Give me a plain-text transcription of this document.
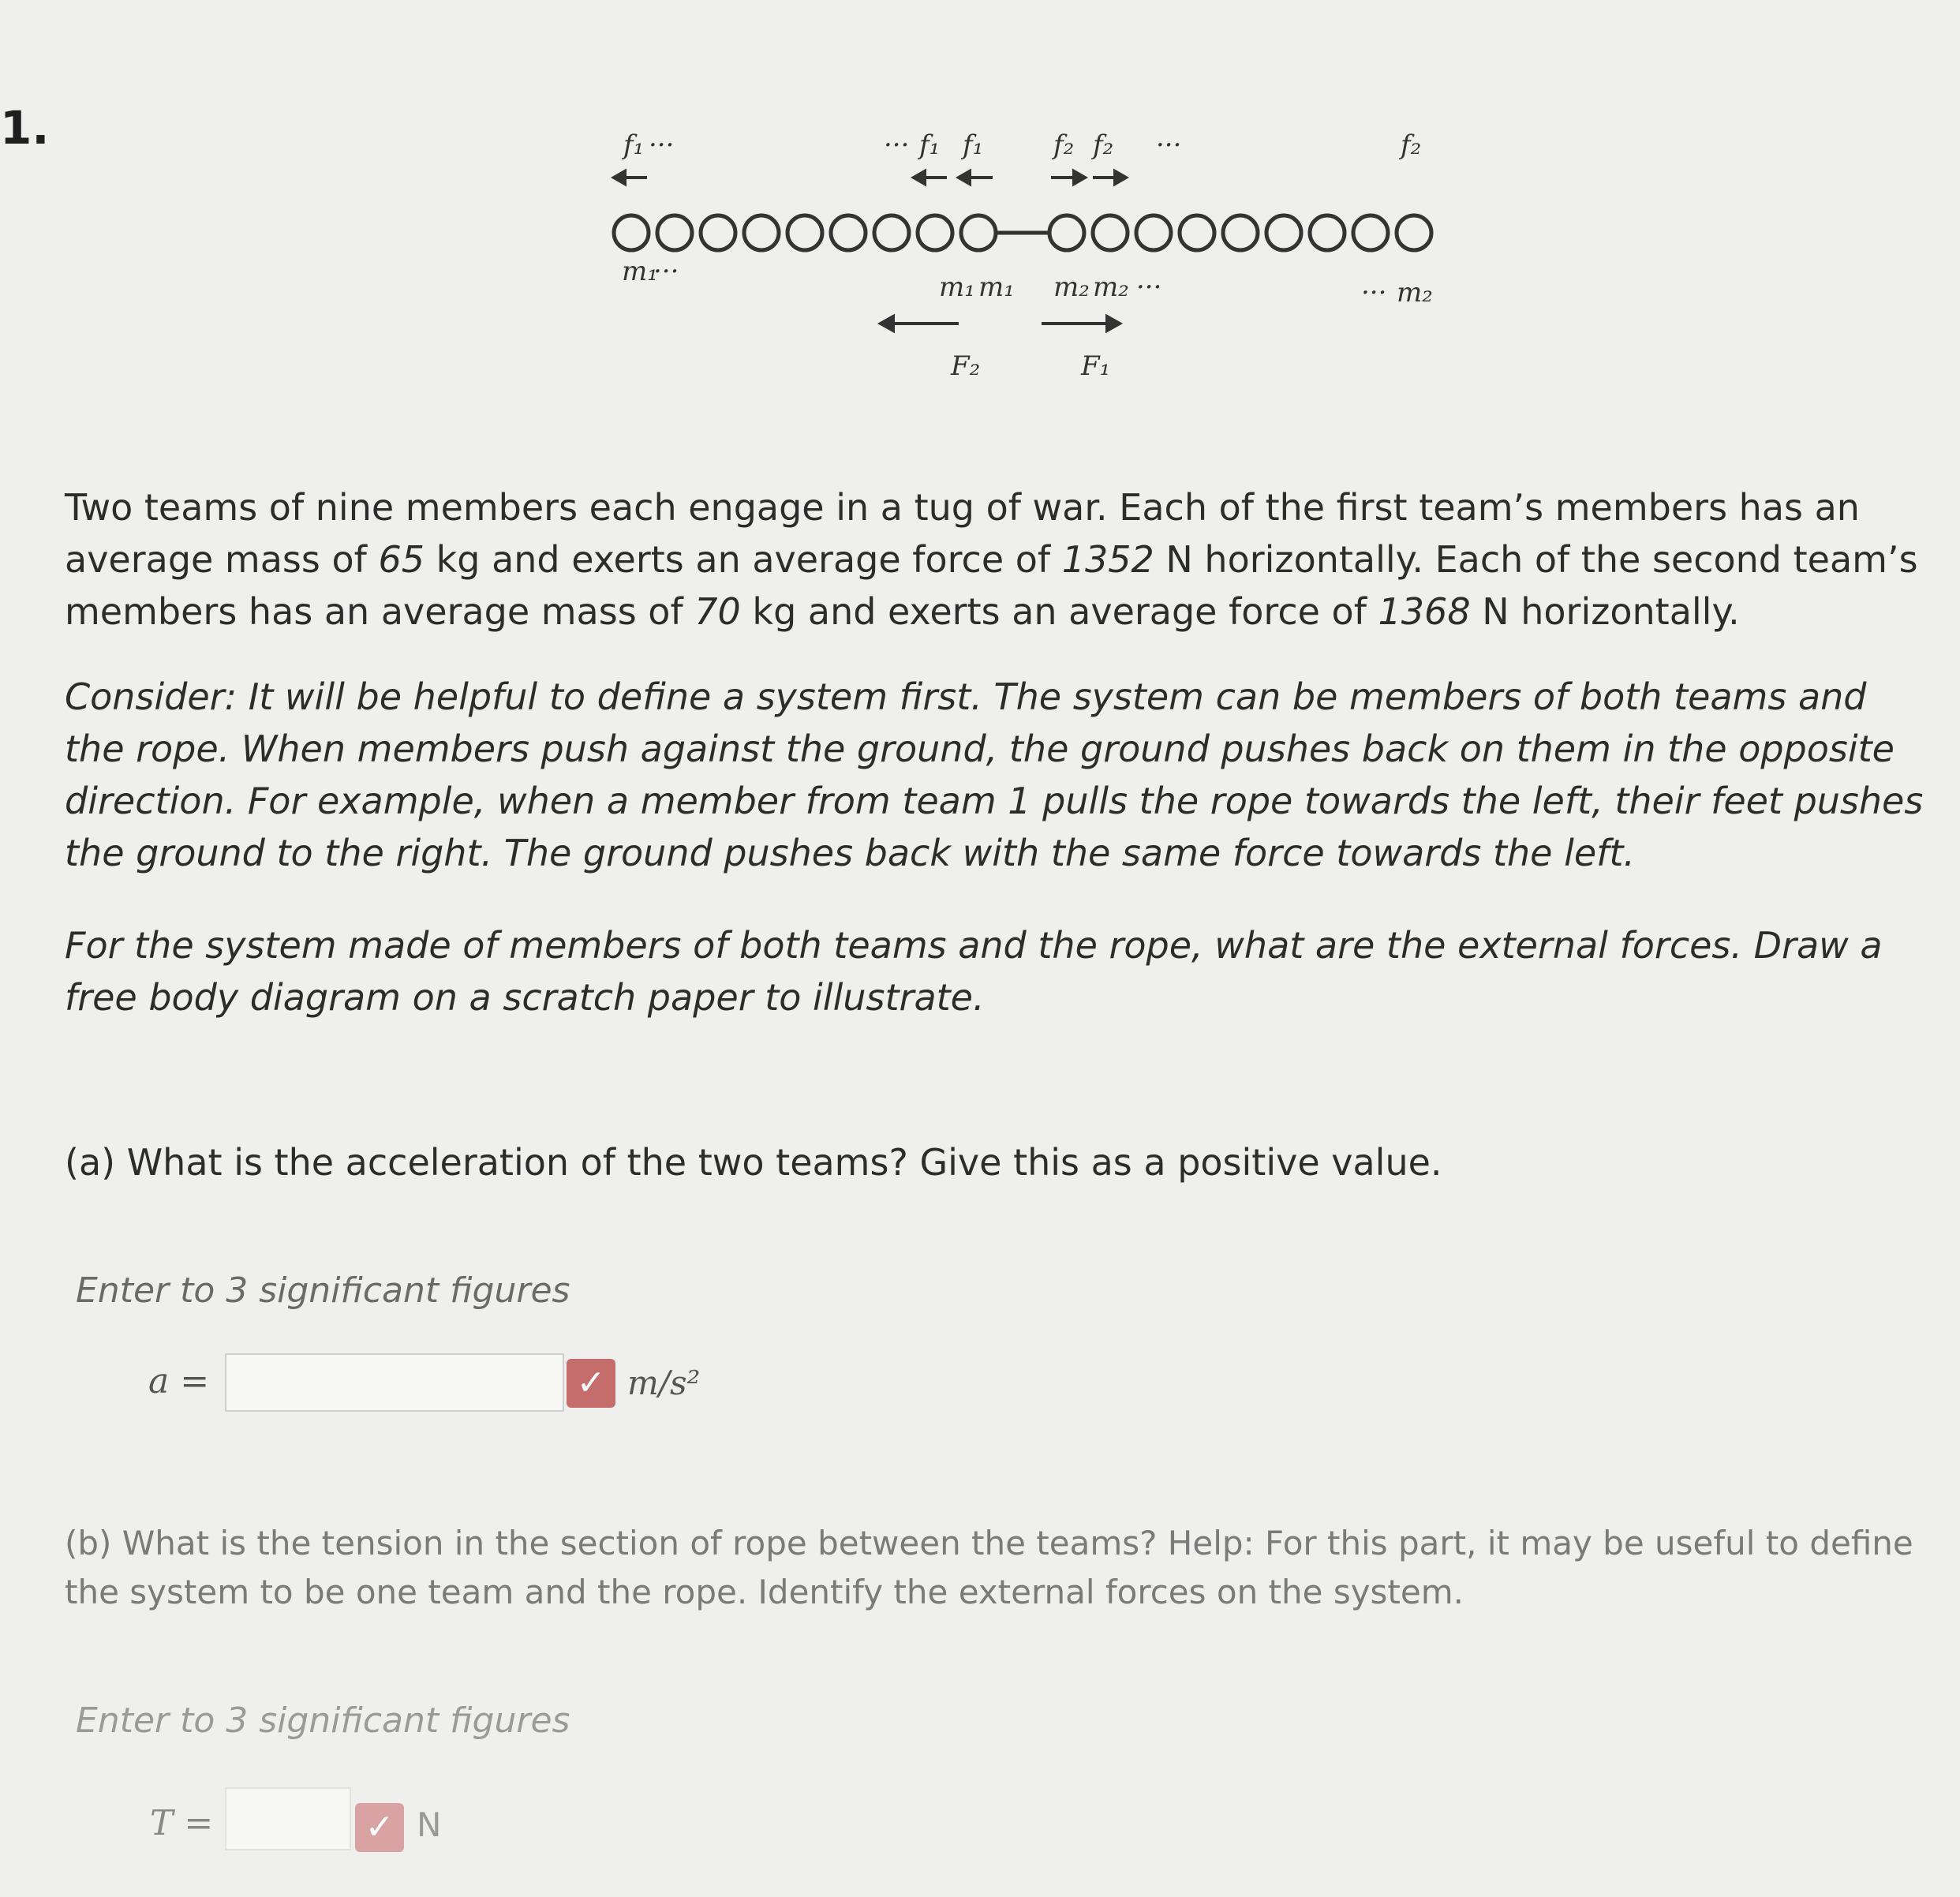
1.	f₁ ···	··· f₁ f₁	f₂ f₂ ···	f₂
m₁
···	m₁ m₁ m₂ m₂ ···	··· m₂
F₂	F₁

Two teams of nine members each engage in a tug of war. Each of the first team’s members has an average mass of 65 kg and exerts an average force of 1352 N horizontally. Each of the second team’s members has an average mass of 70 kg and exerts an average force of 1368 N horizontally.

Consider: It will be helpful to define a system first. The system can be members of both teams and the rope. When members push against the ground, the ground pushes back on them in the opposite direction. For example, when a member from team 1 pulls the rope towards the left, their feet pushes the ground to the right. The ground pushes back with the same force towards the left.

For the system made of members of both teams and the rope, what are the external forces. Draw a free body diagram on a scratch paper to illustrate.

(a) What is the acceleration of the two teams? Give this as a positive value.

Enter to 3 significant figures
a =	✓ m/s²

(b) What is the tension in the section of rope between the teams? Help: For this part, it may be useful to define the system to be one team and the rope. Identify the external forces on the system.

Enter to 3 significant figures
T =	✓ N
